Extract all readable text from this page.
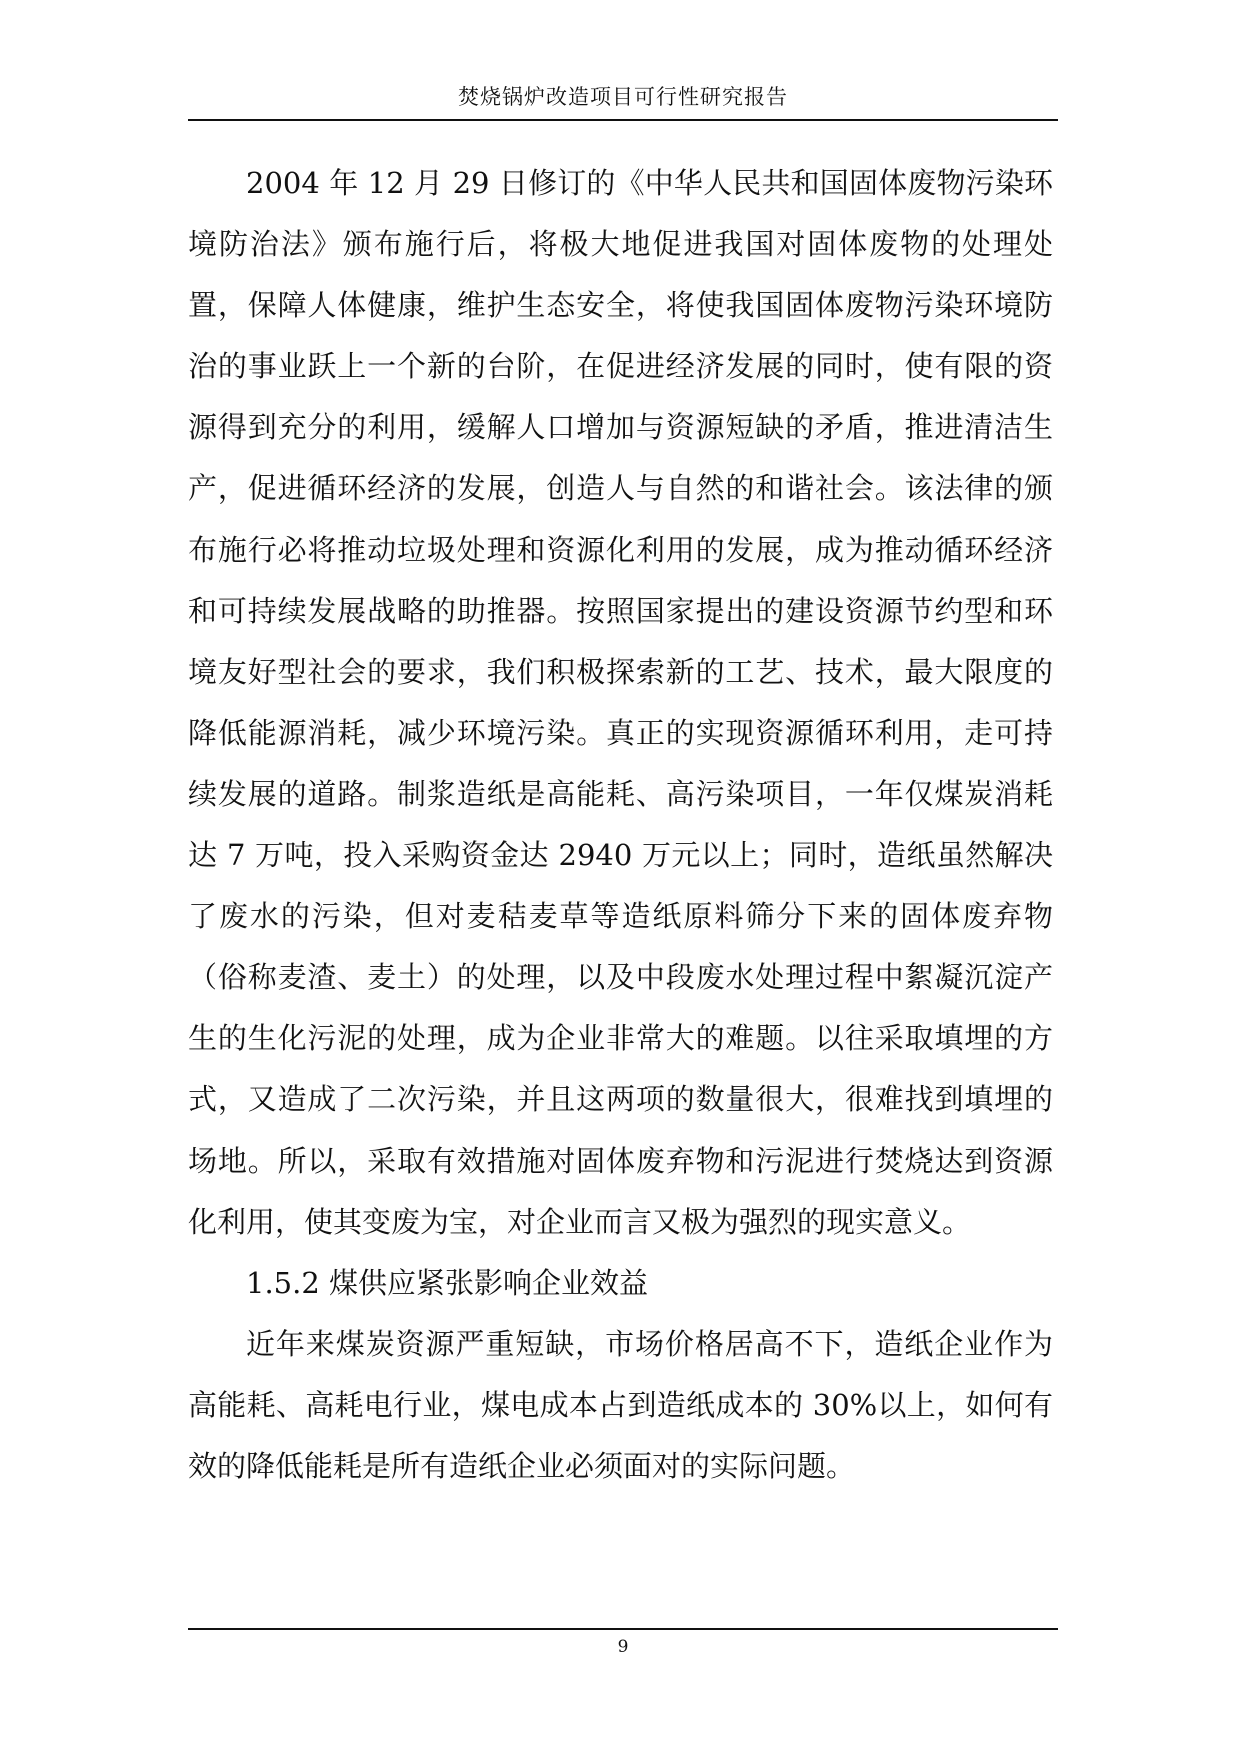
焚烧锅炉改造项目可行性研究报告

2004 年 12 月 29 日修订的《中华人民共和国固体废物污染环境防治法》颁布施行后，将极大地促进我国对固体废物的处理处置，保障人体健康，维护生态安全，将使我国固体废物污染环境防治的事业跃上一个新的台阶，在促进经济发展的同时，使有限的资源得到充分的利用，缓解人口增加与资源短缺的矛盾，推进清洁生产，促进循环经济的发展，创造人与自然的和谐社会。该法律的颁布施行必将推动垃圾处理和资源化利用的发展，成为推动循环经济和可持续发展战略的助推器。按照国家提出的建设资源节约型和环境友好型社会的要求，我们积极探索新的工艺、技术，最大限度的降低能源消耗，减少环境污染。真正的实现资源循环利用，走可持续发展的道路。制浆造纸是高能耗、高污染项目，一年仅煤炭消耗达 7 万吨，投入采购资金达 2940 万元以上；同时，造纸虽然解决了废水的污染，但对麦秸麦草等造纸原料筛分下来的固体废弃物（俗称麦渣、麦土）的处理，以及中段废水处理过程中絮凝沉淀产生的生化污泥的处理，成为企业非常大的难题。以往采取填埋的方式，又造成了二次污染，并且这两项的数量很大，很难找到填埋的场地。所以，采取有效措施对固体废弃物和污泥进行焚烧达到资源化利用，使其变废为宝，对企业而言又极为强烈的现实意义。

1.5.2 煤供应紧张影响企业效益

近年来煤炭资源严重短缺，市场价格居高不下，造纸企业作为高能耗、高耗电行业，煤电成本占到造纸成本的 30%以上，如何有效的降低能耗是所有造纸企业必须面对的实际问题。

9
